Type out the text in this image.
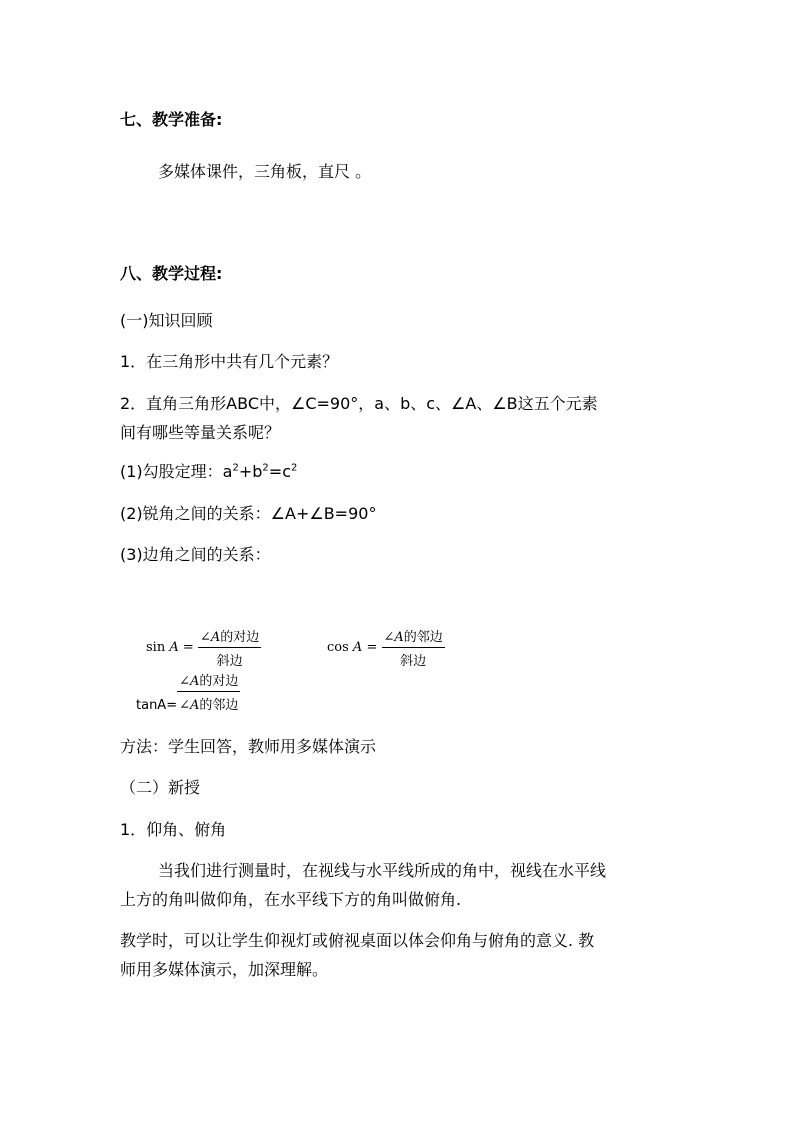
七、教学准备:
多媒体课件，三角板，直尺 。
八、教学过程:
(一)知识回顾
1．在三角形中共有几个元素？
2．直角三角形ABC中，∠C=90°，a、b、c、∠A、∠B这五个元素
间有哪些等量关系呢？
(1)勾股定理：$a^2+b^2=c^2$
(2)锐角之间的关系：∠A+∠B=90°
(3)边角之间的关系：
$\sin A = \frac{\text{∠A的对边}}{\text{斜边}}$	$\cos A = \frac{\text{∠A的邻边}}{\text{斜边}}$
$\tan A= \frac{\text{∠A的对边}}{\text{∠A的邻边}}$
方法：学生回答，教师用多媒体演示
（二）新授
1．仰角、俯角
当我们进行测量时，在视线与水平线所成的角中，视线在水平线
上方的角叫做仰角，在水平线下方的角叫做俯角.
教学时，可以让学生仰视灯或俯视桌面以体会仰角与俯角的意义. 教
师用多媒体演示，加深理解。
